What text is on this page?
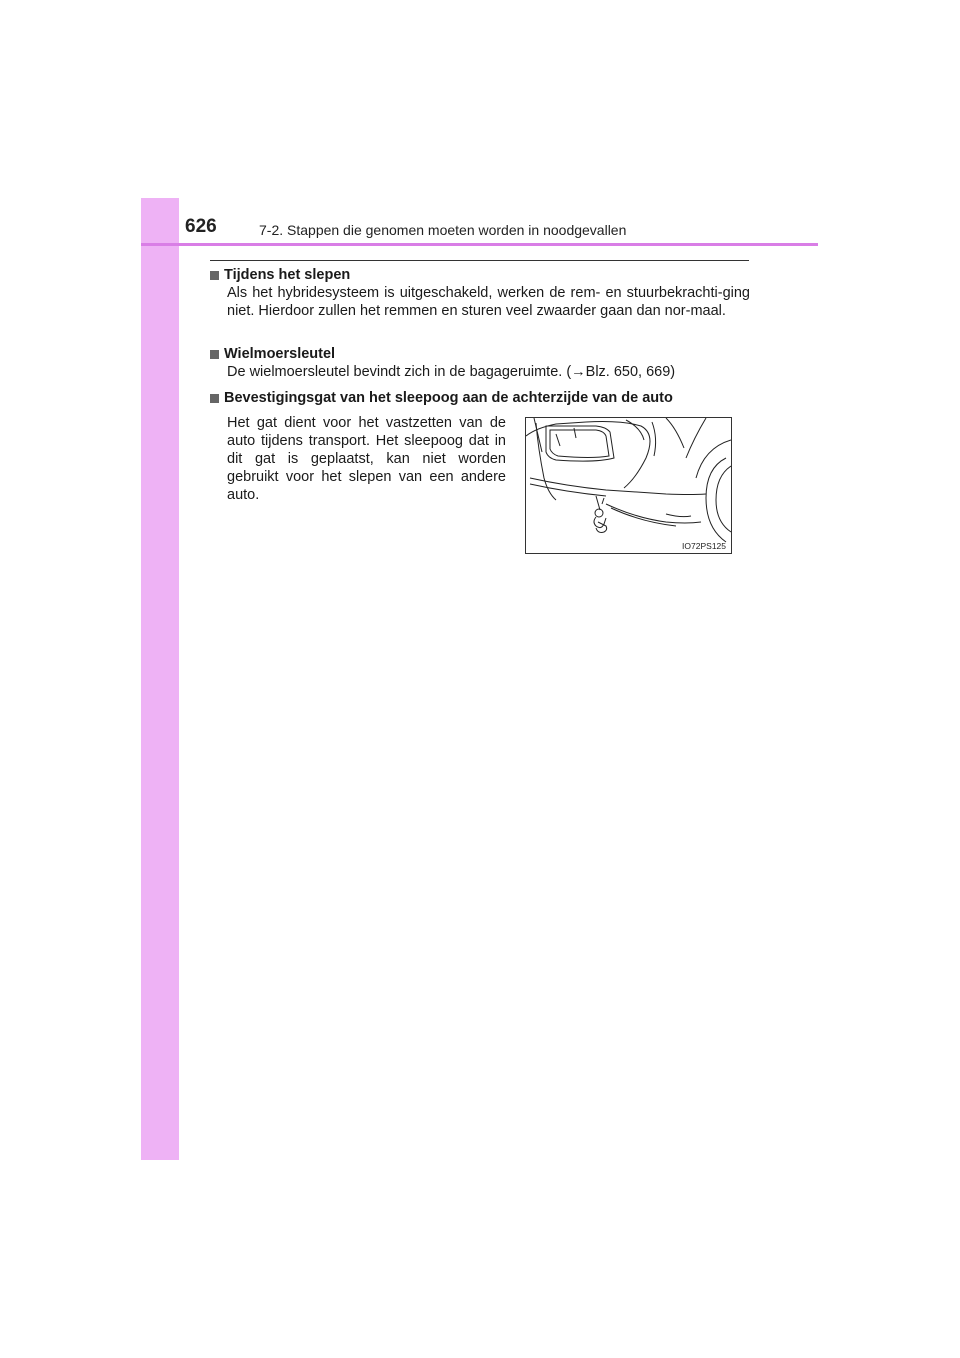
626	7-2. Stappen die genomen moeten worden in noodgevallen
Tijdens het slepen
Als het hybridesysteem is uitgeschakeld, werken de rem- en stuurbekrachti-ging niet. Hierdoor zullen het remmen en sturen veel zwaarder gaan dan nor-maal.
Wielmoersleutel
De wielmoersleutel bevindt zich in de bagageruimte. (→Blz. 650, 669)
Bevestigingsgat van het sleepoog aan de achterzijde van de auto
Het gat dient voor het vastzetten van de auto tijdens transport. Het sleepoog dat in dit gat is geplaatst, kan niet worden gebruikt voor het slepen van een andere auto.
IO72PS125
